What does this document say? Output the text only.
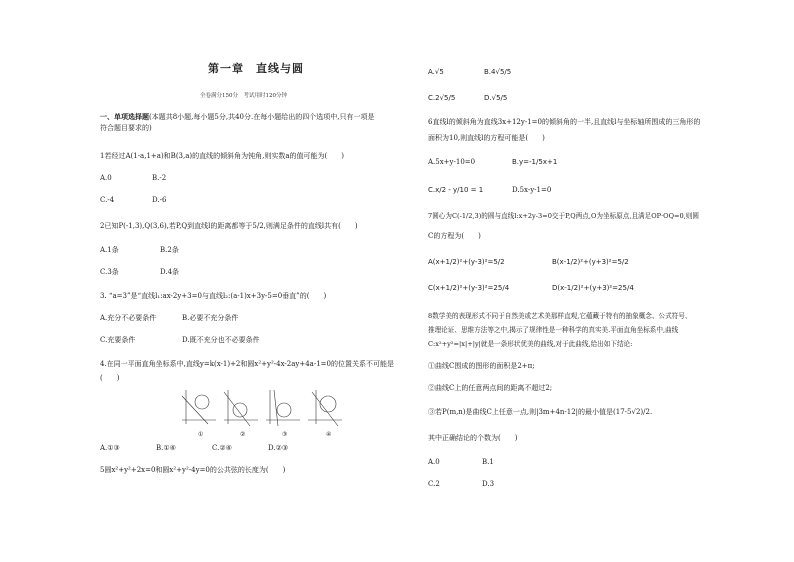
第一章　直线与圆
全卷满分150分　考试用时120分钟
一、单项选择题(本题共8小题,每小题5分,共40分.在每小题给出的四个选项中,只有一项是
符合题目要求的)
1若经过A(1-a,1+a)和B(3,a)的直线的倾斜角为钝角,则实数a的值可能为(　　)
A.0	B.-2
C.-4	D.-6
2已知P(-1,3),Q(3,6),若P,Q到直线l的距离都等于5/2,则满足条件的直线l共有(　　)
A.1条	B.2条
C.3条	D.4条
3. “a=3”是“直线l₁:ax-2y+3=0与直线l₂:(a-1)x+3y-5=0垂直”的(　　)
A.充分不必要条件	B.必要不充分条件
C.充要条件	D.既不充分也不必要条件
4.在同一平面直角坐标系中,直线y=k(x-1)+2和圆x²+y²-4x-2ay+4a-1=0的位置关系不可能是
(　　)
①	②	③	④
A.①③	B.①④	C.②④	D.②③
5圆x²+y²+2x=0和圆x²+y²-4y=0的公共弦的长度为(　　)
A.√5	B.4√5/5
C.2√5/5	D.√5/5
6直线l的倾斜角为直线3x+12y-1=0的倾斜角的一半,且直线l与坐标轴所围成的三角形的
面积为10,则直线l的方程可能是(　　)
A.5x+y-10=0	B.y=-1/5x+1
C.x/2 - y/10 = 1	D.5x-y-1=0
7圆心为C(-1/2,3)的圆与直线l:x+2y-3=0交于P,Q两点,O为坐标原点,且满足OP·OQ=0,则圆
C的方程为(　　)
A(x+1/2)²+(y-3)²=5/2	B(x-1/2)²+(y+3)²=5/2
C(x+1/2)²+(y-3)²=25/4	D(x-1/2)²+(y+3)²=25/4
8数学美的表现形式不同于自然美或艺术美那样直观,它蕴藏于特有的抽象概念、公式符号、
推理论证、思维方法等之中,揭示了规律性是一种科学的真实美.平面直角坐标系中,曲线
C:x²+y²=|x|+|y|就是一条形状优美的曲线,对于此曲线,给出如下结论:
①曲线C围成的图形的面积是2+π;
②曲线C上的任意两点间的距离不超过2;
③若P(m,n)是曲线C上任意一点,则|3m+4n-12|的最小值是(17-5√2)/2.
其中正确结论的个数为(　　)
A.0	B.1
C.2	D.3
